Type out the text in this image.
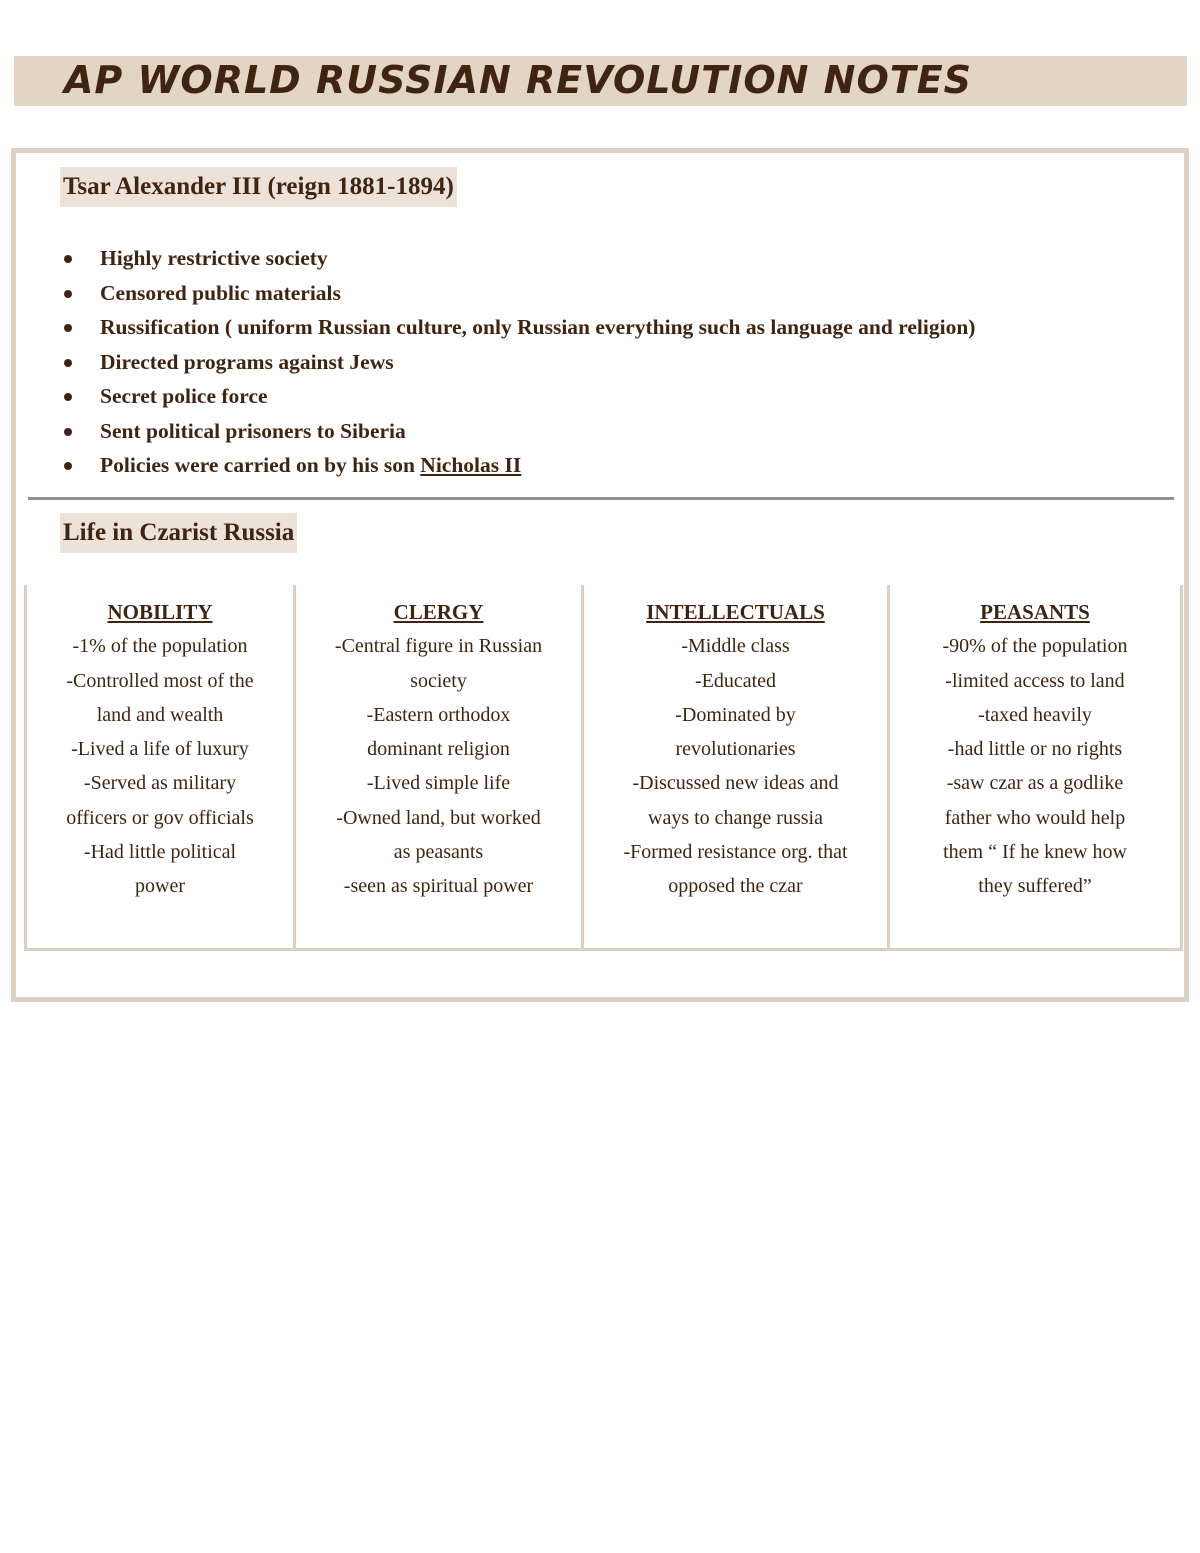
AP WORLD RUSSIAN REVOLUTION NOTES
Tsar Alexander III (reign 1881-1894)
Highly restrictive society
Censored public materials
Russification ( uniform Russian culture, only Russian everything such as language and religion)
Directed programs against Jews
Secret police force
Sent political prisoners to Siberia
Policies were carried on by his son Nicholas II
Life in Czarist Russia
NOBILITY
-1% of the population
-Controlled most of the
land and wealth
-Lived a life of luxury
-Served as military
officers or gov officials
-Had little political
power
CLERGY
-Central figure in Russian
society
-Eastern orthodox
dominant religion
-Lived simple life
-Owned land, but worked
as peasants
-seen as spiritual power
INTELLECTUALS
-Middle class
-Educated
-Dominated by
revolutionaries
-Discussed new ideas and
ways to change russia
-Formed resistance org. that
opposed the czar
PEASANTS
-90% of the population
-limited access to land
-taxed heavily
-had little or no rights
-saw czar as a godlike
father who would help
them “ If he knew how
they suffered”
